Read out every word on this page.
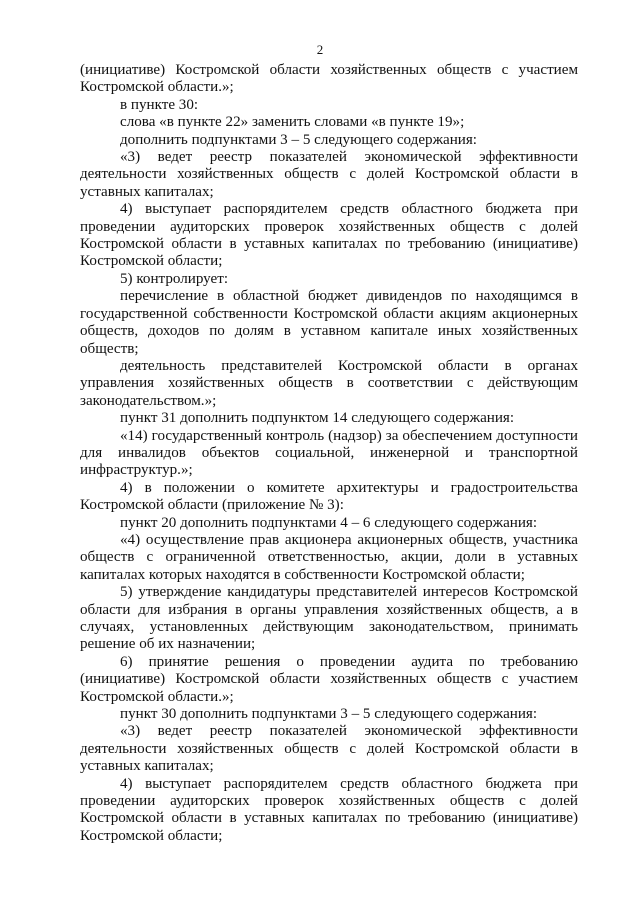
2

(инициативе) Костромской области хозяйственных обществ с участием Костромской области.»;

в пункте 30:

слова «в пункте 22» заменить словами «в пункте 19»;

дополнить подпунктами 3 – 5 следующего содержания:

«3) ведет реестр показателей экономической эффективности деятельности хозяйственных обществ с долей Костромской области в уставных капиталах;

4) выступает распорядителем средств областного бюджета при проведении аудиторских проверок хозяйственных обществ с долей Костромской области в уставных капиталах по требованию (инициативе) Костромской области;

5) контролирует:

перечисление в областной бюджет дивидендов по находящимся в государственной собственности Костромской области акциям акционерных обществ, доходов по долям в уставном капитале иных хозяйственных обществ;

деятельность представителей Костромской области в органах управления хозяйственных обществ в соответствии с действующим законодательством.»;

пункт 31 дополнить подпунктом 14 следующего содержания:

«14) государственный контроль (надзор) за обеспечением доступности для инвалидов объектов социальной, инженерной и транспортной инфраструктур.»;

4) в положении о комитете архитектуры и градостроительства Костромской области (приложение № 3):

пункт 20 дополнить подпунктами 4 – 6 следующего содержания:

«4) осуществление прав акционера акционерных обществ, участника обществ с ограниченной ответственностью, акции, доли в уставных капиталах которых находятся в собственности Костромской области;

5) утверждение кандидатуры представителей интересов Костромской области для избрания в органы управления хозяйственных обществ, а в случаях, установленных действующим законодательством, принимать решение об их назначении;

6) принятие решения о проведении аудита по требованию (инициативе) Костромской области хозяйственных обществ с участием Костромской области.»;

пункт 30 дополнить подпунктами 3 – 5 следующего содержания:

«3) ведет реестр показателей экономической эффективности деятельности хозяйственных обществ с долей Костромской области в уставных капиталах;

4) выступает распорядителем средств областного бюджета при проведении аудиторских проверок хозяйственных обществ с долей Костромской области в уставных капиталах по требованию (инициативе) Костромской области;
